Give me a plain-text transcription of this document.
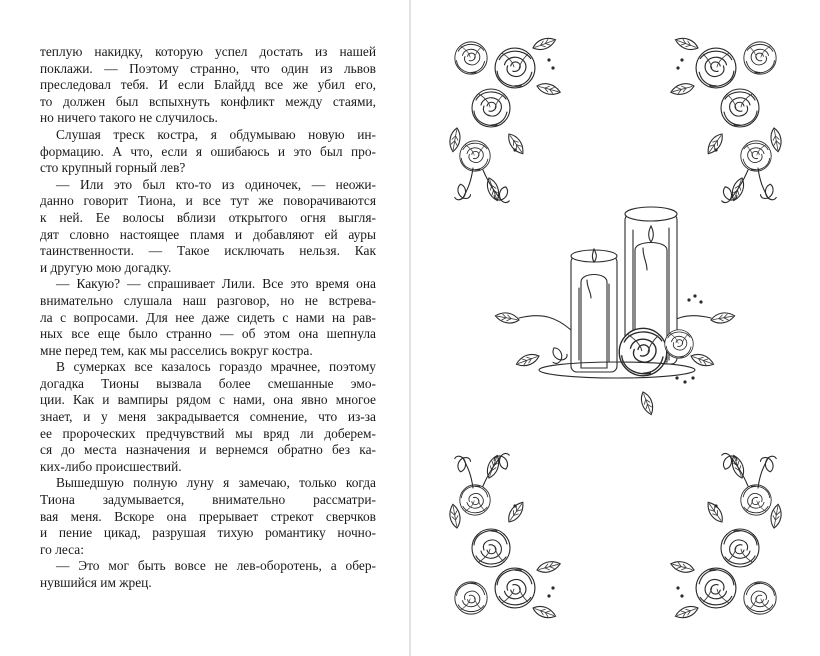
теплую накидку, которую успел достать из нашей
поклажи. — Поэтому странно, что один из львов
преследовал тебя. И если Блайдд все же убил его,
то должен был вспыхнуть конфликт между стаями,
но ничего такого не случилось.
Слушая треск костра, я обдумываю новую ин-
формацию. А что, если я ошибаюсь и это был про-
сто крупный горный лев?
— Или это был кто-то из одиночек, — неожи-
данно говорит Тиона, и все тут же поворачиваются
к ней. Ее волосы вблизи открытого огня выгля-
дят словно настоящее пламя и добавляют ей ауры
таинственности. — Такое исключать нельзя. Как
и другую мою догадку.
— Какую? — спрашивает Лили. Все это время она
внимательно слушала наш разговор, но не встрева-
ла с вопросами. Для нее даже сидеть с нами на рав-
ных все еще было странно — об этом она шепнула
мне перед тем, как мы расселись вокруг костра.
В сумерках все казалось гораздо мрачнее, поэтому
догадка Тионы вызвала более смешанные эмо-
ции. Как и вампиры рядом с нами, она явно многое
знает, и у меня закрадывается сомнение, что из-за
ее пророческих предчувствий мы вряд ли доберем-
ся до места назначения и вернемся обратно без ка-
ких-либо происшествий.
Вышедшую полную луну я замечаю, только когда
Тиона задумывается, внимательно рассматри-
вая меня. Вскоре она прерывает стрекот сверчков
и пение цикад, разрушая тихую романтику ночно-
го леса:
— Это мог быть вовсе не лев-оборотень, а обер-
нувшийся им жрец.
